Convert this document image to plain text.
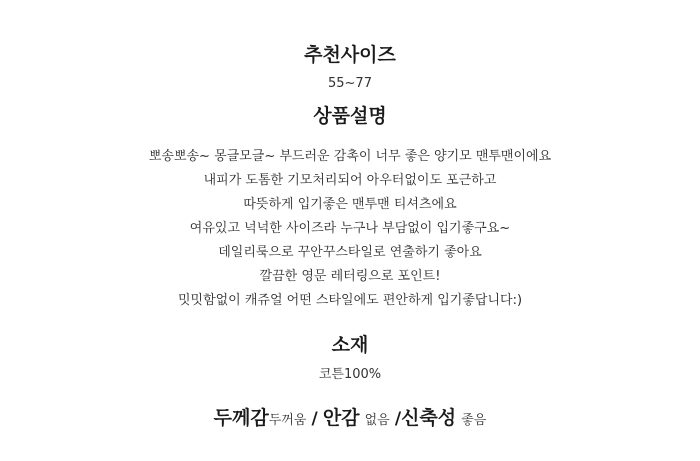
추천사이즈
55~77
상품설명
뽀송뽀송~ 몽글모글~ 부드러운 감촉이 너무 좋은 양기모 맨투맨이에요
내피가 도톰한 기모처리되어 아우터없이도 포근하고
따뜻하게 입기좋은 맨투맨 티셔츠에요
여유있고 넉넉한 사이즈라 누구나 부담없이 입기좋구요~
데일리룩으로 꾸안꾸스타일로 연출하기 좋아요
깔끔한 영문 레터링으로 포인트!
밋밋함없이 캐쥬얼 어떤 스타일에도 편안하게 입기좋답니다:)
소재
코튼100%
두께감두꺼움 / 안감 없음 /신축성 좋음
